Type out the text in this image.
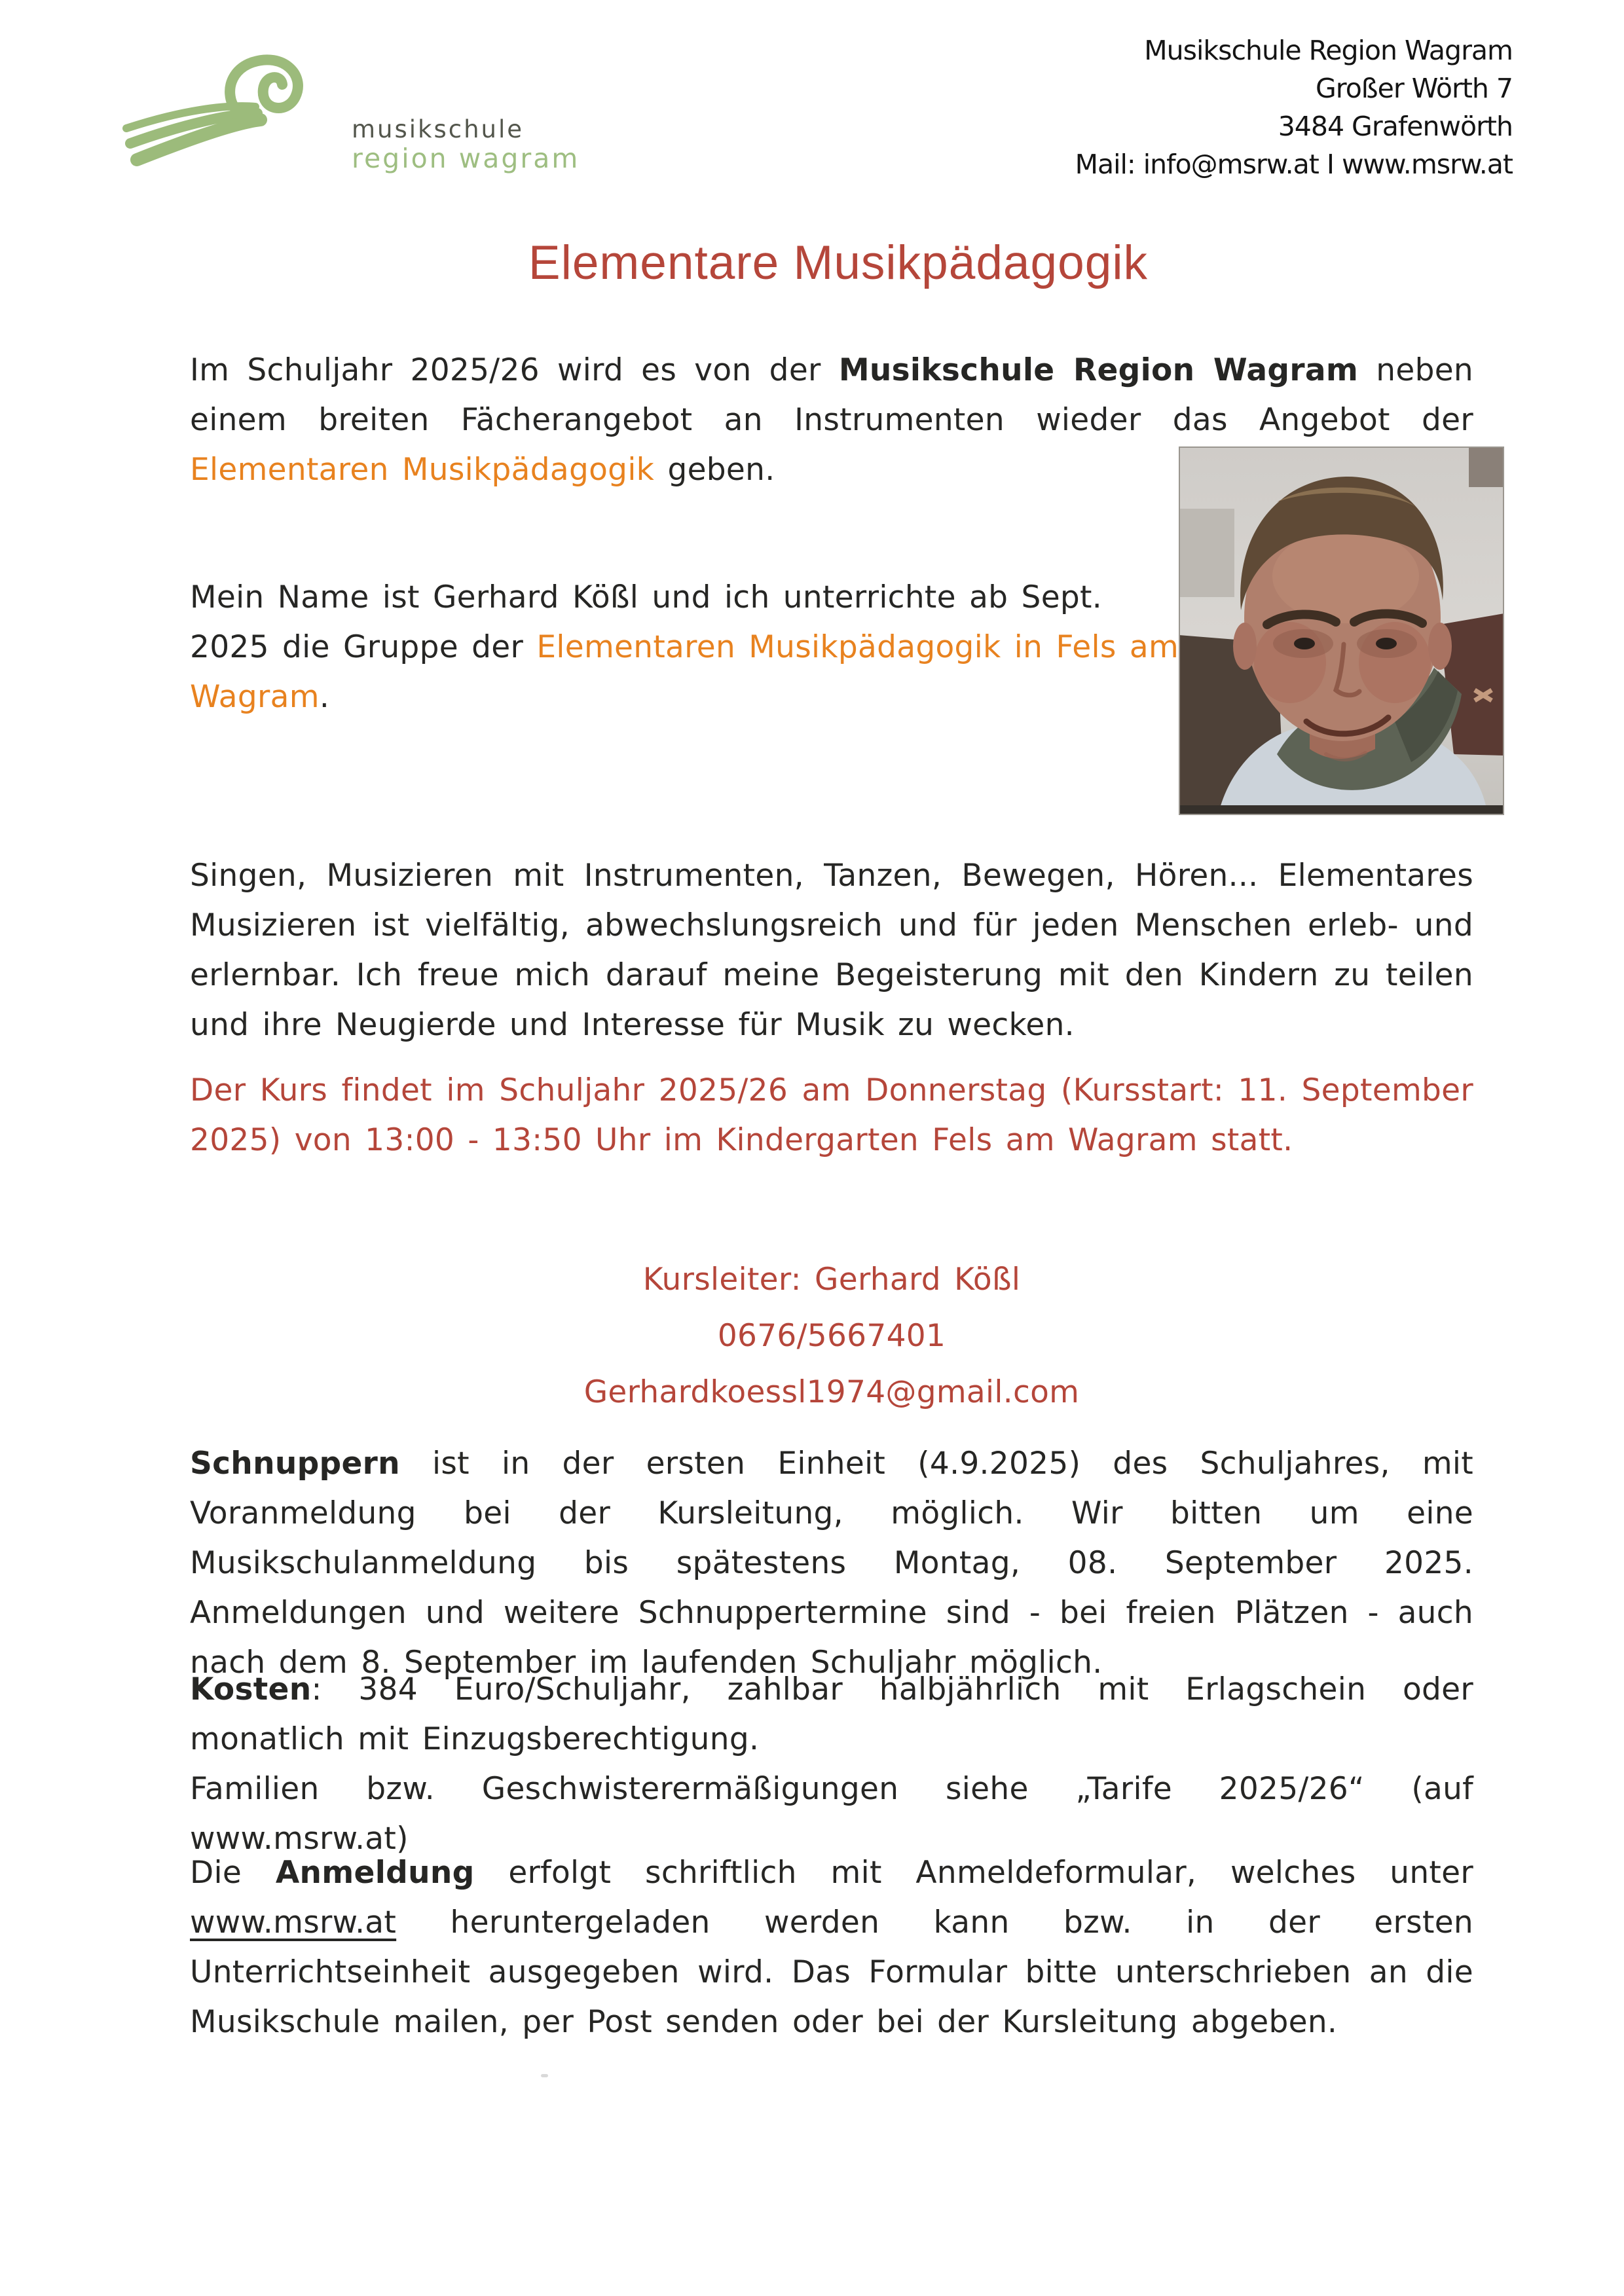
musikschule
region wagram
Musikschule Region Wagram
Großer Wörth 7
3484 Grafenwörth
Mail: info@msrw.at I www.msrw.at
Elementare Musikpädagogik

Im Schuljahr 2025/26 wird es von der Musikschule Region Wagram neben einem breiten Fächerangebot an Instrumenten wieder das Angebot der Elementaren Musikpädagogik geben.

Mein Name ist Gerhard Kößl und ich unterrichte ab Sept. 2025 die Gruppe der Elementaren Musikpädagogik in Fels am Wagram.

Singen, Musizieren mit Instrumenten, Tanzen, Bewegen, Hören... Elementares Musizieren ist vielfältig, abwechslungsreich und für jeden Menschen erleb- und erlernbar. Ich freue mich darauf meine Begeisterung mit den Kindern zu teilen und ihre Neugierde und Interesse für Musik zu wecken.

Der Kurs findet im Schuljahr 2025/26 am Donnerstag (Kursstart: 11. September 2025) von 13:00 - 13:50 Uhr im Kindergarten Fels am Wagram statt.

Kursleiter: Gerhard Kößl
0676/5667401
Gerhardkoessl1974@gmail.com

Schnuppern ist in der ersten Einheit (4.9.2025) des Schuljahres, mit Voranmeldung bei der Kursleitung, möglich. Wir bitten um eine Musikschulanmeldung bis spätestens Montag, 08. September 2025. Anmeldungen und weitere Schnuppertermine sind - bei freien Plätzen - auch nach dem 8. September im laufenden Schuljahr möglich.

Kosten: 384 Euro/Schuljahr, zahlbar halbjährlich mit Erlagschein oder monatlich mit Einzugsberechtigung.
Familien bzw. Geschwisterermäßigungen siehe „Tarife 2025/26“ (auf www.msrw.at)

Die Anmeldung erfolgt schriftlich mit Anmeldeformular, welches unter www.msrw.at heruntergeladen werden kann bzw. in der ersten Unterrichtseinheit ausgegeben wird. Das Formular bitte unterschrieben an die Musikschule mailen, per Post senden oder bei der Kursleitung abgeben.
